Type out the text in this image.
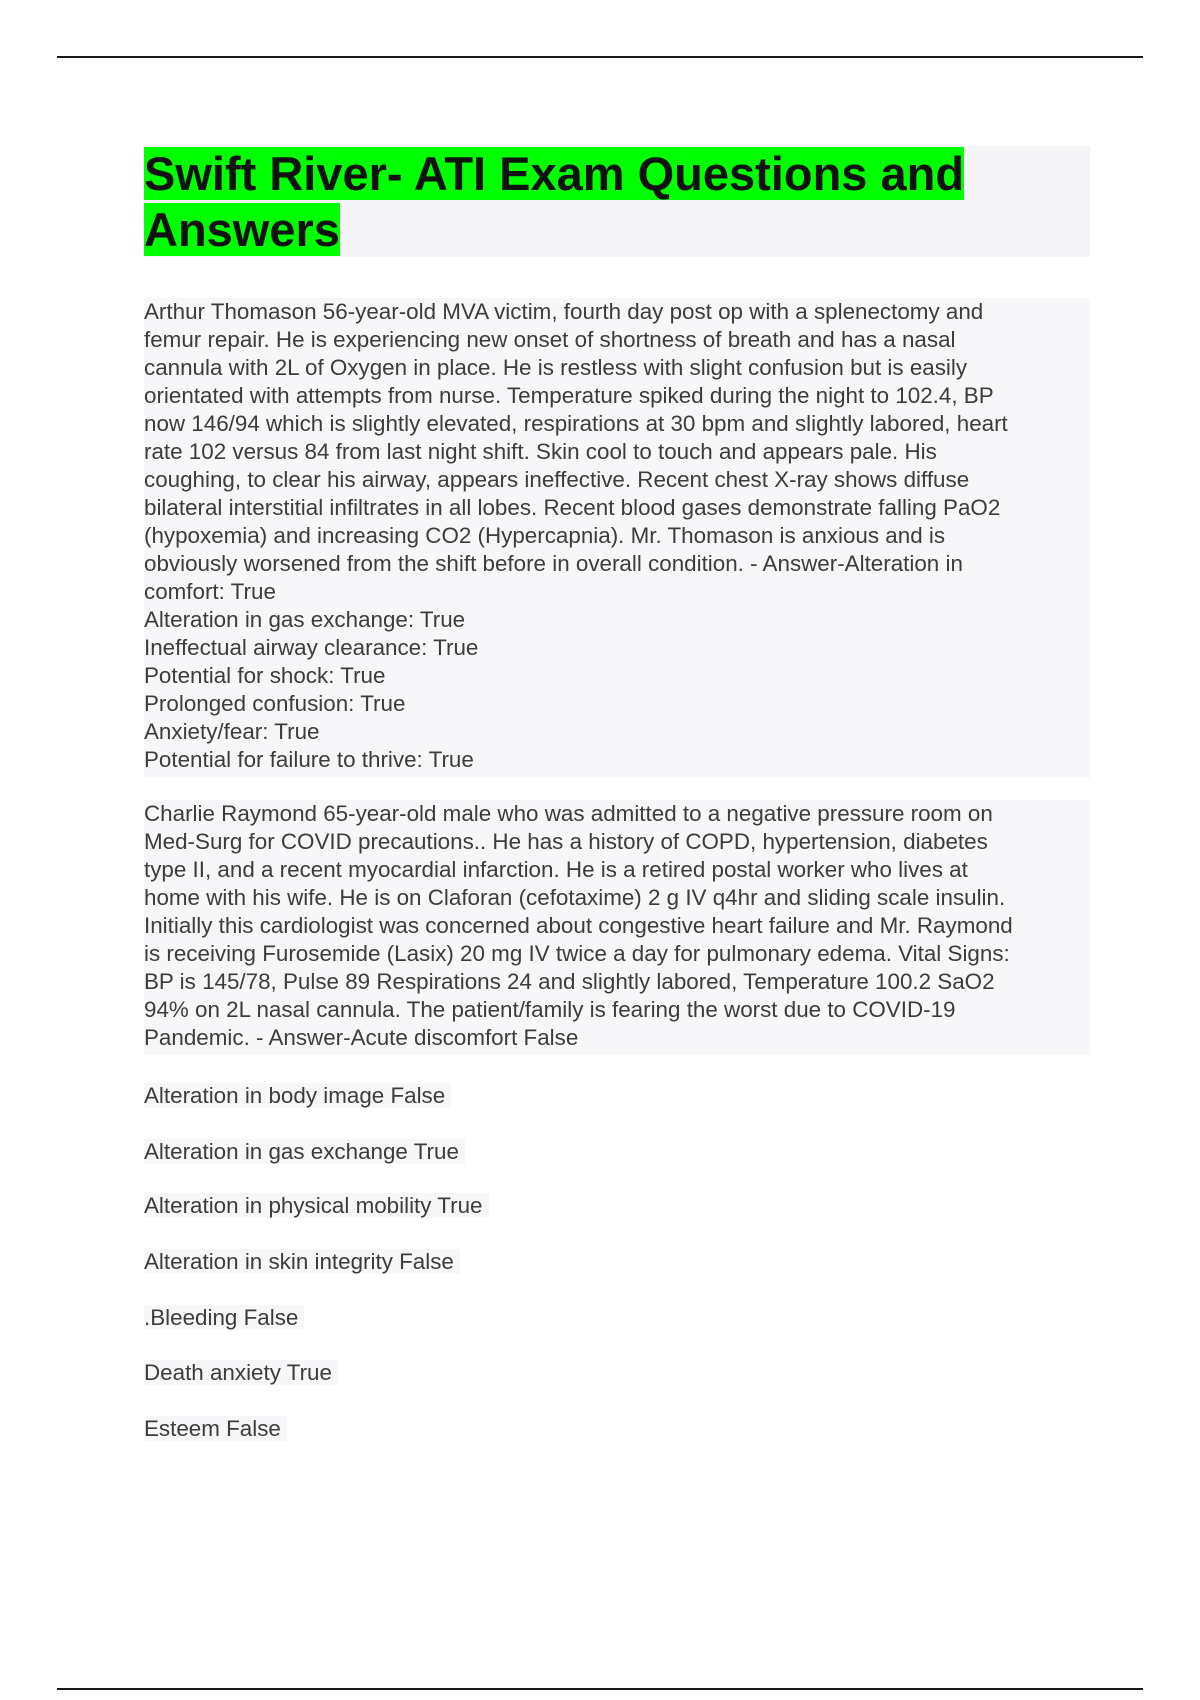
Swift River- ATI Exam Questions and
Answers

Arthur Thomason 56-year-old MVA victim, fourth day post op with a splenectomy and
femur repair. He is experiencing new onset of shortness of breath and has a nasal
cannula with 2L of Oxygen in place. He is restless with slight confusion but is easily
orientated with attempts from nurse. Temperature spiked during the night to 102.4, BP
now 146/94 which is slightly elevated, respirations at 30 bpm and slightly labored, heart
rate 102 versus 84 from last night shift. Skin cool to touch and appears pale. His
coughing, to clear his airway, appears ineffective. Recent chest X-ray shows diffuse
bilateral interstitial infiltrates in all lobes. Recent blood gases demonstrate falling PaO2
(hypoxemia) and increasing CO2 (Hypercapnia). Mr. Thomason is anxious and is
obviously worsened from the shift before in overall condition. - Answer-Alteration in
comfort: True
Alteration in gas exchange: True
Ineffectual airway clearance: True
Potential for shock: True
Prolonged confusion: True
Anxiety/fear: True
Potential for failure to thrive: True

Charlie Raymond 65-year-old male who was admitted to a negative pressure room on
Med-Surg for COVID precautions.. He has a history of COPD, hypertension, diabetes
type II, and a recent myocardial infarction. He is a retired postal worker who lives at
home with his wife. He is on Claforan (cefotaxime) 2 g IV q4hr and sliding scale insulin.
Initially this cardiologist was concerned about congestive heart failure and Mr. Raymond
is receiving Furosemide (Lasix) 20 mg IV twice a day for pulmonary edema. Vital Signs:
BP is 145/78, Pulse 89 Respirations 24 and slightly labored, Temperature 100.2 SaO2
94% on 2L nasal cannula. The patient/family is fearing the worst due to COVID-19
Pandemic. - Answer-Acute discomfort False

Alteration in body image False
Alteration in gas exchange True
Alteration in physical mobility True
Alteration in skin integrity False
.Bleeding False
Death anxiety True
Esteem False
